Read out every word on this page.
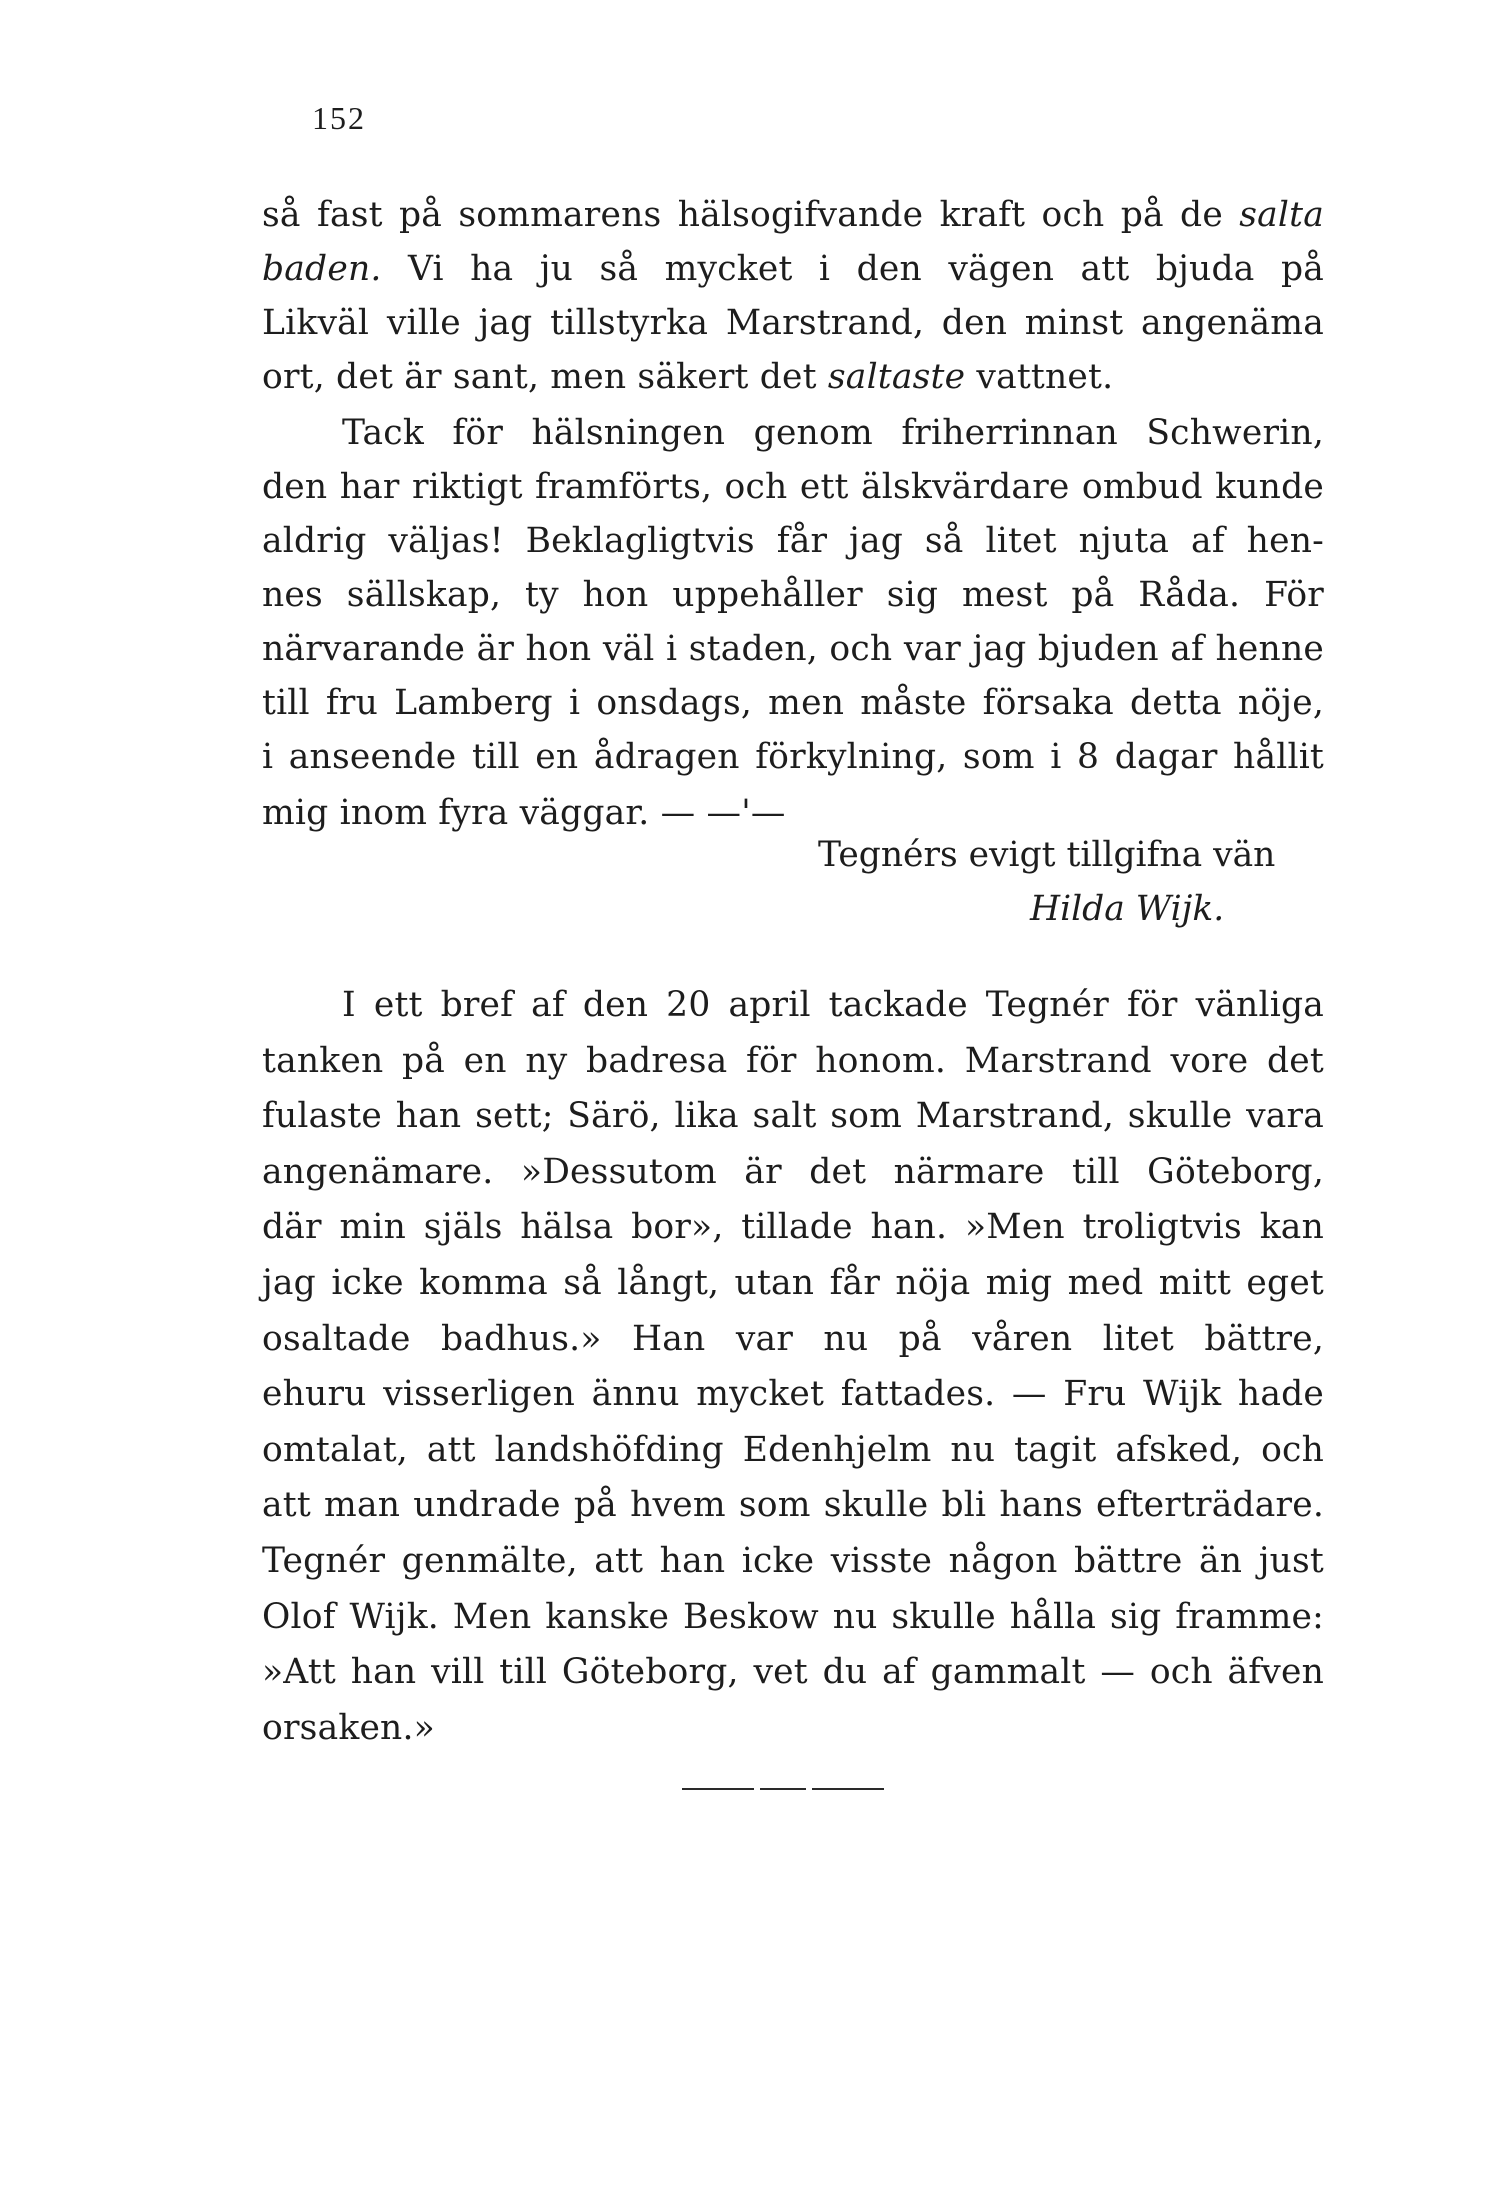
152
så fast på sommarens hälsogifvande kraft och på de salta
baden. Vi ha ju så mycket i den vägen att bjuda på
Likväl ville jag tillstyrka Marstrand, den minst angenäma
ort, det är sant, men säkert det saltaste vattnet.
Tack för hälsningen genom friherrinnan Schwerin,
den har riktigt framförts, och ett älskvärdare ombud kunde
aldrig väljas! Beklagligtvis får jag så litet njuta af hen-
nes sällskap, ty hon uppehåller sig mest på Råda. För
närvarande är hon väl i staden, och var jag bjuden af henne
till fru Lamberg i onsdags, men måste försaka detta nöje,
i anseende till en ådragen förkylning, som i 8 dagar hållit
mig inom fyra väggar. — —'—
Tegnérs evigt tillgifna vän
Hilda Wijk.
I ett bref af den 20 april tackade Tegnér för vänliga
tanken på en ny badresa för honom. Marstrand vore det
fulaste han sett; Särö, lika salt som Marstrand, skulle vara
angenämare. »Dessutom är det närmare till Göteborg,
där min själs hälsa bor», tillade han. »Men troligtvis kan
jag icke komma så långt, utan får nöja mig med mitt eget
osaltade badhus.» Han var nu på våren litet bättre,
ehuru visserligen ännu mycket fattades. — Fru Wijk hade
omtalat, att landshöfding Edenhjelm nu tagit afsked, och
att man undrade på hvem som skulle bli hans efterträdare.
Tegnér genmälte, att han icke visste någon bättre än just
Olof Wijk. Men kanske Beskow nu skulle hålla sig framme:
»Att han vill till Göteborg, vet du af gammalt — och äfven
orsaken.»
